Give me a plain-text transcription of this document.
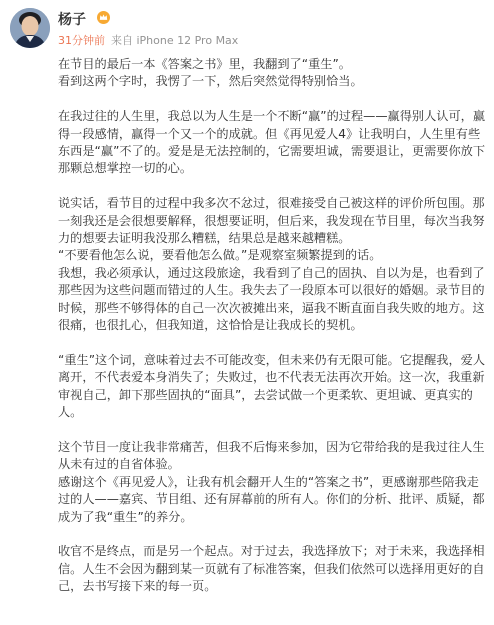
杨子
31分钟前 来自 iPhone 12 Pro Max

在节目的最后一本《答案之书》里，我翻到了“重生”。

看到这两个字时，我愣了一下，然后突然觉得特别恰当。

在我过往的人生里，我总以为人生是一个不断“赢”的过程——赢得别人认可，赢得一段感情，赢得一个又一个的成就。但《再见爱人4》让我明白，人生里有些东西是“赢”不了的。爱是是无法控制的，它需要坦诚，需要退让，更需要你放下那颗总想掌控一切的心。

说实话，看节目的过程中我多次不忿过，很难接受自己被这样的评价所包围。那一刻我还是会很想要解释，很想要证明，但后来，我发现在节目里，每次当我努力的想要去证明我没那么糟糕，结果总是越来越糟糕。

“不要看他怎么说，要看他怎么做。”是观察室频繁提到的话。

我想，我必须承认，通过这段旅途，我看到了自己的固执、自以为是，也看到了那些因为这些问题而错过的人生。我失去了一段原本可以很好的婚姻。录节目的时候，那些不够得体的自己一次次被摊出来，逼我不断直面自我失败的地方。这很痛，也很扎心，但我知道，这恰恰是让我成长的契机。

“重生”这个词，意味着过去不可能改变，但未来仍有无限可能。它提醒我，爱人离开，不代表爱本身消失了；失败过，也不代表无法再次开始。这一次，我重新审视自己，卸下那些固执的“面具”，去尝试做一个更柔软、更坦诚、更真实的人。

这个节目一度让我非常痛苦，但我不后悔来参加，因为它带给我的是我过往人生从未有过的自省体验。

感谢这个《再见爱人》，让我有机会翻开人生的“答案之书”，更感谢那些陪我走过的人——嘉宾、节目组、还有屏幕前的所有人。你们的分析、批评、质疑，都成为了我“重生”的养分。

收官不是终点，而是另一个起点。对于过去，我选择放下；对于未来，我选择相信。人生不会因为翻到某一页就有了标准答案，但我们依然可以选择用更好的自己，去书写接下来的每一页。
